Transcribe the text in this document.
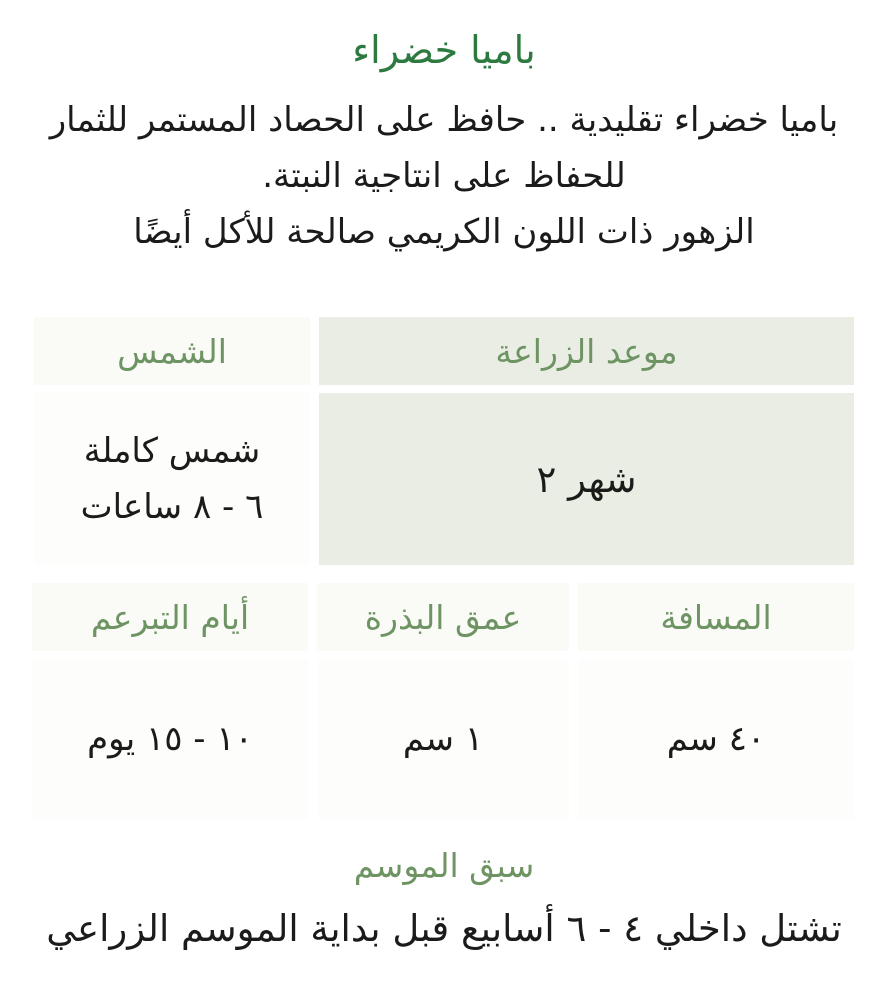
باميا خضراء
باميا خضراء تقليدية .. حافظ على الحصاد المستمر للثمار
للحفاظ على انتاجية النبتة.
الزهور ذات اللون الكريمي صالحة للأكل أيضًا
موعد الزراعة
الشمس
شهر ٢
شمس كاملة
٦ - ٨ ساعات
المسافة
عمق البذرة
أيام التبرعم
٤٠ سم
١ سم
١٠ - ١٥ يوم
سبق الموسم
تشتل داخلي ٤ - ٦ أسابيع قبل بداية الموسم الزراعي
